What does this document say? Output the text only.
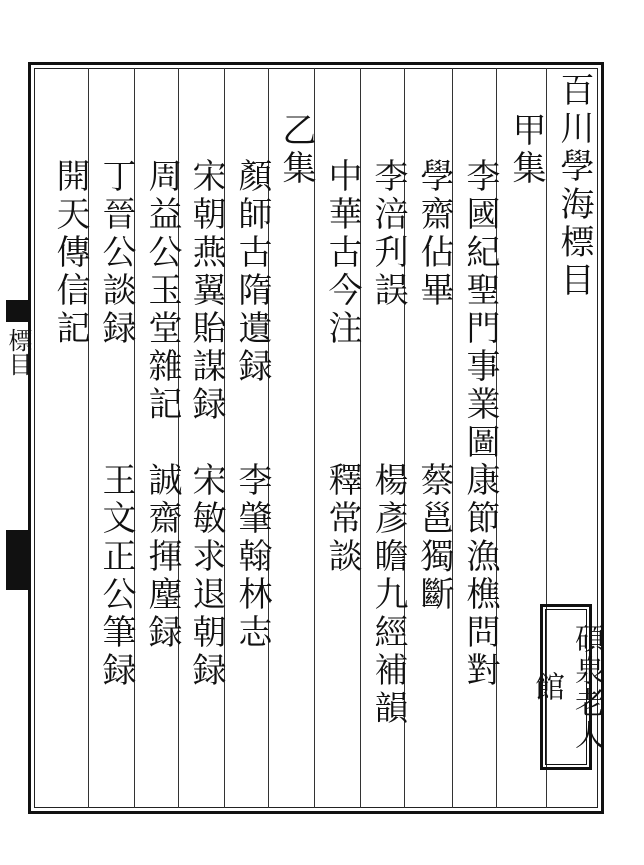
百川學海標目
甲集
李國紀聖門事業圖
康節漁樵問對
學齋佔畢
蔡邕獨斷
李涪刋誤
楊彥瞻九經補韻
中華古今注
釋常談
乙集
顏師古隋遺録
李肇翰林志
宋朝燕翼貽謀録
宋敏求退朝録
周益公玉堂雜記
誠齋揮麈録
丁晉公談録
王文正公筆録
開天傳信記
標目
碩泉老人館
